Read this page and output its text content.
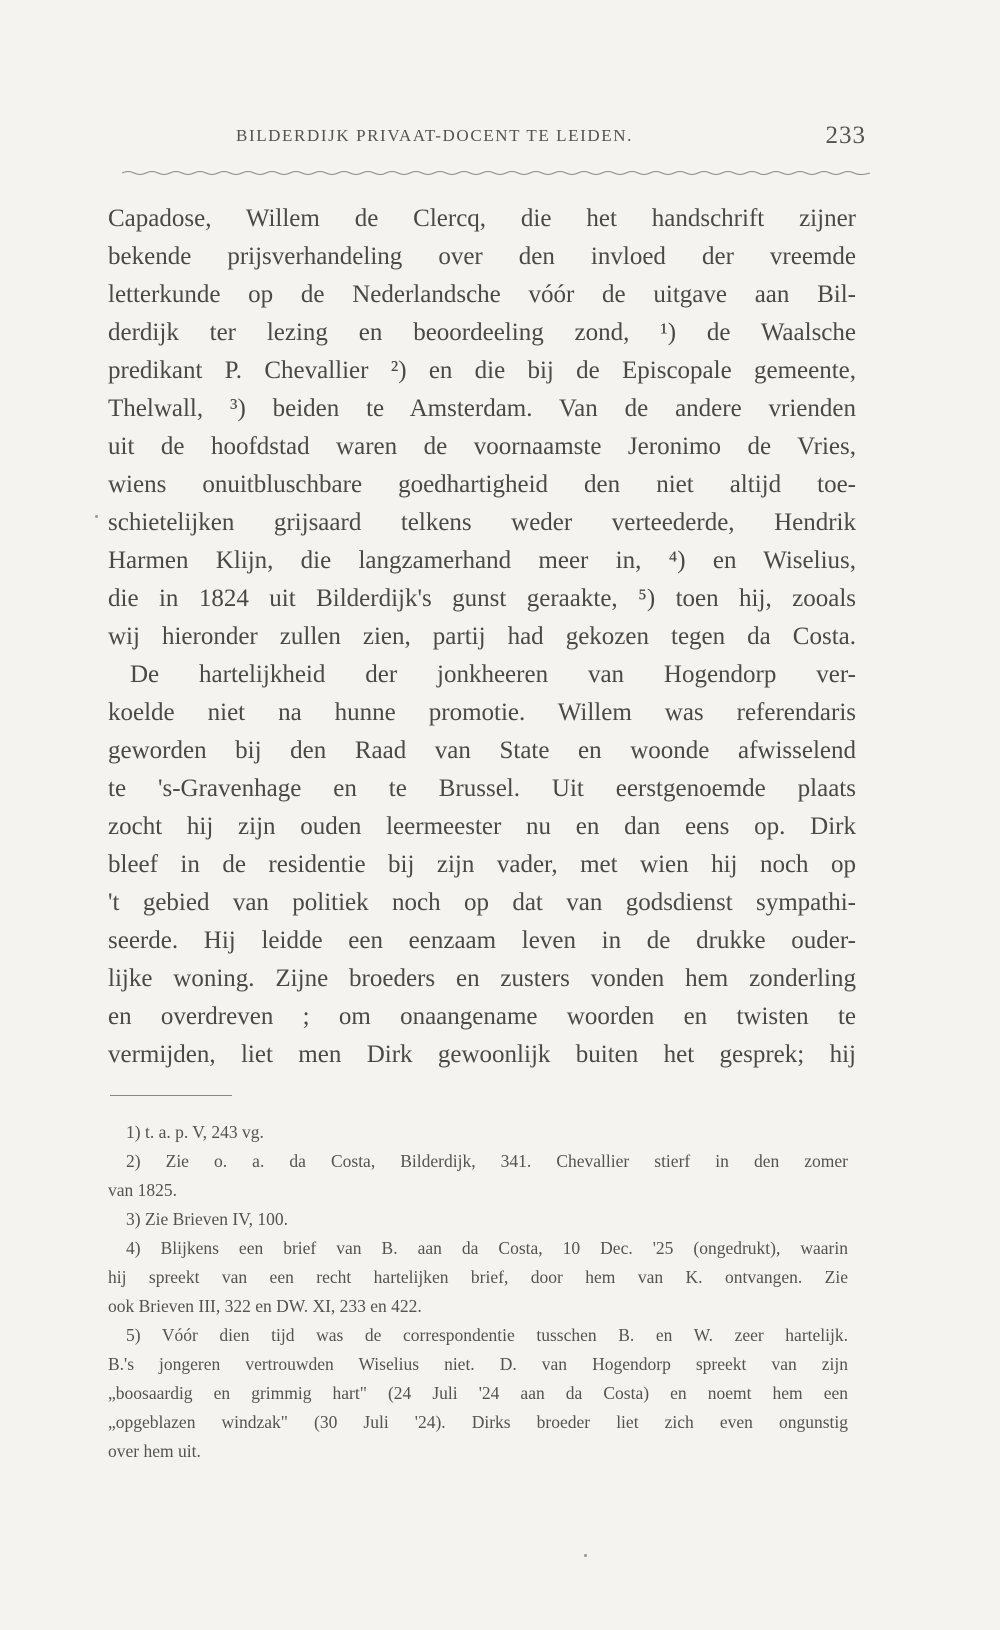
BILDERDIJK PRIVAAT-DOCENT TE LEIDEN.	233
Capadose, Willem de Clercq, die het handschrift zijner
bekende prijsverhandeling over den invloed der vreemde
letterkunde op de Nederlandsche vóór de uitgave aan Bil-
derdijk ter lezing en beoordeeling zond, ¹) de Waalsche
predikant P. Chevallier ²) en die bij de Episcopale gemeente,
Thelwall, ³) beiden te Amsterdam. Van de andere vrienden
uit de hoofdstad waren de voornaamste Jeronimo de Vries,
wiens onuitbluschbare goedhartigheid den niet altijd toe-
schietelijken grijsaard telkens weder verteederde, Hendrik
Harmen Klijn, die langzamerhand meer in, ⁴) en Wiselius,
die in 1824 uit Bilderdijk's gunst geraakte, ⁵) toen hij, zooals
wij hieronder zullen zien, partij had gekozen tegen da Costa.
De hartelijkheid der jonkheeren van Hogendorp ver-
koelde niet na hunne promotie. Willem was referendaris
geworden bij den Raad van State en woonde afwisselend
te 's-Gravenhage en te Brussel. Uit eerstgenoemde plaats
zocht hij zijn ouden leermeester nu en dan eens op. Dirk
bleef in de residentie bij zijn vader, met wien hij noch op
't gebied van politiek noch op dat van godsdienst sympathi-
seerde. Hij leidde een eenzaam leven in de drukke ouder-
lijke woning. Zijne broeders en zusters vonden hem zonderling
en overdreven ; om onaangename woorden en twisten te
vermijden, liet men Dirk gewoonlijk buiten het gesprek; hij
1) t. a. p. V, 243 vg.
2) Zie o. a. da Costa, Bilderdijk, 341. Chevallier stierf in den zomer
van 1825.
3) Zie Brieven IV, 100.
4) Blijkens een brief van B. aan da Costa, 10 Dec. '25 (ongedrukt), waarin
hij spreekt van een recht hartelijken brief, door hem van K. ontvangen. Zie
ook Brieven III, 322 en DW. XI, 233 en 422.
5) Vóór dien tijd was de correspondentie tusschen B. en W. zeer hartelijk.
B.'s jongeren vertrouwden Wiselius niet. D. van Hogendorp spreekt van zijn
„boosaardig en grimmig hart" (24 Juli '24 aan da Costa) en noemt hem een
„opgeblazen windzak" (30 Juli '24). Dirks broeder liet zich even ongunstig
over hem uit.
